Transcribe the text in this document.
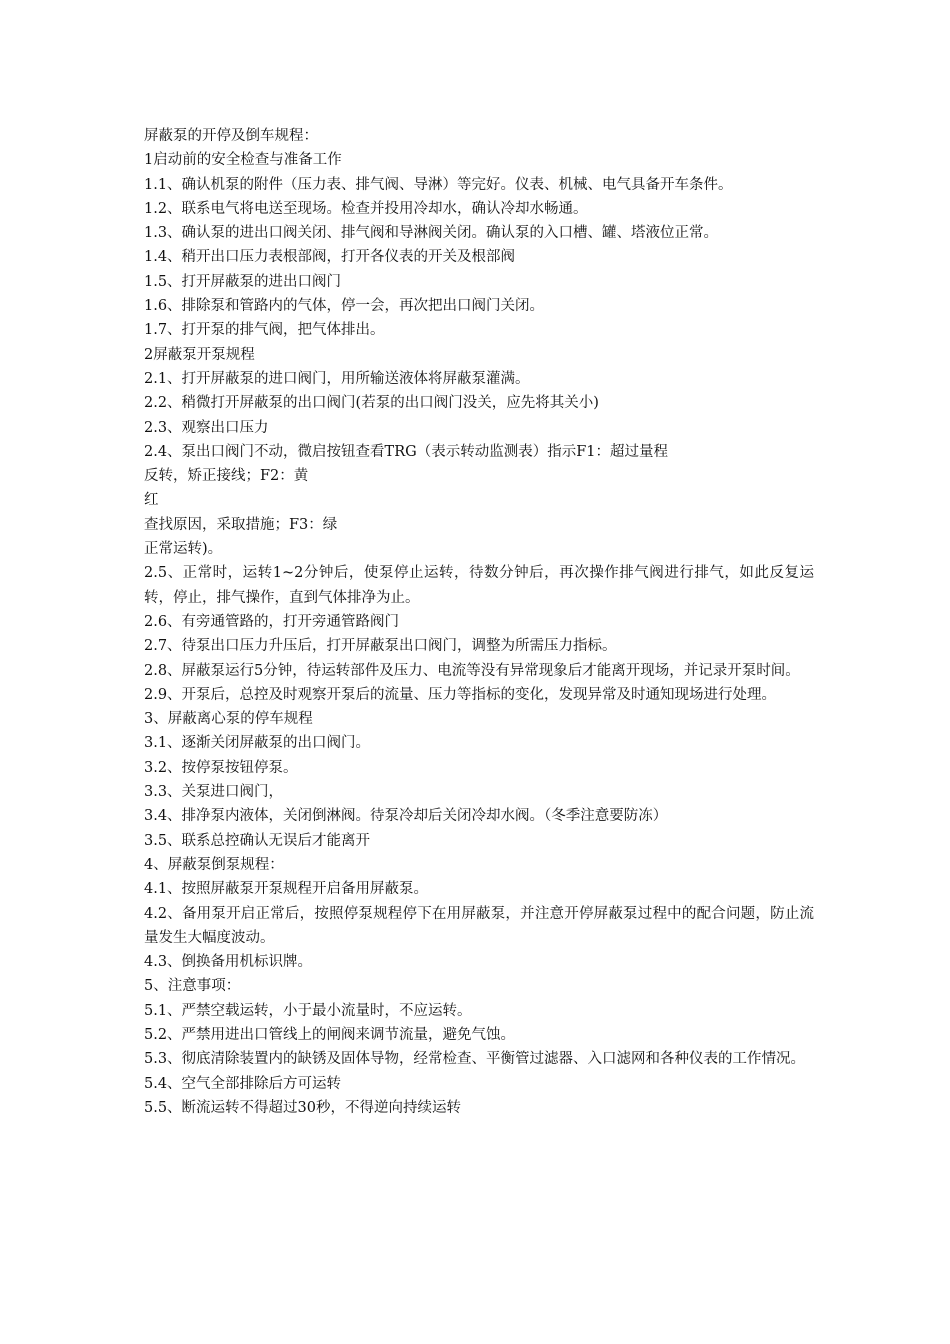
屏蔽泵的开停及倒车规程：

1启动前的安全检查与准备工作

1.1、确认机泵的附件（压力表、排气阀、导淋）等完好。仪表、机械、电气具备开车条件。

1.2、联系电气将电送至现场。检查并投用冷却水，确认冷却水畅通。

1.3、确认泵的进出口阀关闭、排气阀和导淋阀关闭。确认泵的入口槽、罐、塔液位正常。

1.4、稍开出口压力表根部阀，打开各仪表的开关及根部阀

1.5、打开屏蔽泵的进出口阀门

1.6、排除泵和管路内的气体，停一会，再次把出口阀门关闭。

1.7、打开泵的排气阀，把气体排出。

2屏蔽泵开泵规程

2.1、打开屏蔽泵的进口阀门，用所输送液体将屏蔽泵灌满。

2.2、稍微打开屏蔽泵的出口阀门(若泵的出口阀门没关，应先将其关小)

2.3、观察出口压力

2.4、泵出口阀门不动，微启按钮查看TRG（表示转动监测表）指示F1：超过量程

反转，矫正接线；F2：黄

红

查找原因，采取措施；F3：绿

正常运转)。

2.5、正常时，运转1~2分钟后，使泵停止运转，待数分钟后，再次操作排气阀进行排气，如此反复运转，停止，排气操作，直到气体排净为止。

2.6、有旁通管路的，打开旁通管路阀门

2.7、待泵出口压力升压后，打开屏蔽泵出口阀门，调整为所需压力指标。

2.8、屏蔽泵运行5分钟，待运转部件及压力、电流等没有异常现象后才能离开现场，并记录开泵时间。

2.9、开泵后，总控及时观察开泵后的流量、压力等指标的变化，发现异常及时通知现场进行处理。

3、屏蔽离心泵的停车规程

3.1、逐渐关闭屏蔽泵的出口阀门。

3.2、按停泵按钮停泵。

3.3、关泵进口阀门，

3.4、排净泵内液体，关闭倒淋阀。待泵冷却后关闭冷却水阀。（冬季注意要防冻）

3.5、联系总控确认无误后才能离开

4、屏蔽泵倒泵规程：

4.1、按照屏蔽泵开泵规程开启备用屏蔽泵。

4.2、备用泵开启正常后，按照停泵规程停下在用屏蔽泵，并注意开停屏蔽泵过程中的配合问题，防止流量发生大幅度波动。

4.3、倒换备用机标识牌。

5、注意事项：

5.1、严禁空载运转，小于最小流量时，不应运转。

5.2、严禁用进出口管线上的闸阀来调节流量，避免气蚀。

5.3、彻底清除装置内的缺锈及固体导物，经常检查、平衡管过滤器、入口滤网和各种仪表的工作情况。

5.4、空气全部排除后方可运转

5.5、断流运转不得超过30秒，不得逆向持续运转
